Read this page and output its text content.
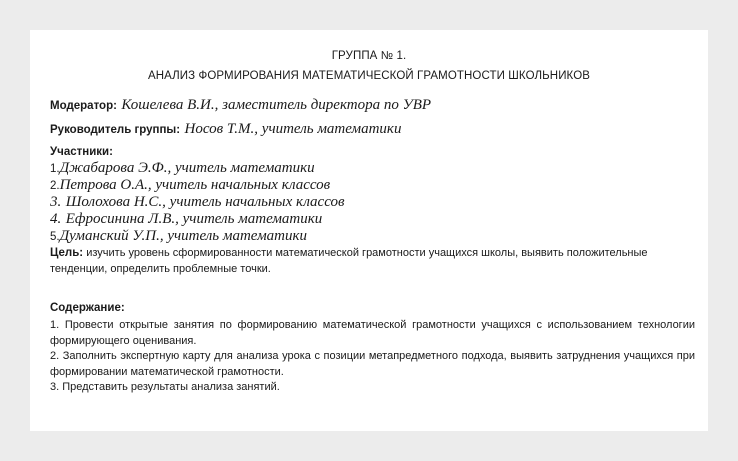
ГРУППА № 1.
АНАЛИЗ ФОРМИРОВАНИЯ МАТЕМАТИЧЕСКОЙ ГРАМОТНОСТИ ШКОЛЬНИКОВ
Модератор: Кошелева В.И., заместитель директора по УВР
Руководитель группы: Носов Т.М., учитель математики
Участники:
1.Джабарова Э.Ф., учитель математики
2.Петрова О.А., учитель начальных классов
3. Шолохова Н.С., учитель начальных классов
4. Ефросинина Л.В., учитель математики
5.Думанский У.П., учитель математики
Цель: изучить уровень сформированности математической грамотности учащихся школы, выявить положительные тенденции, определить проблемные точки.
Содержание:
1. Провести открытые занятия по формированию математической грамотности учащихся с использованием технологии формирующего оценивания.
2. Заполнить экспертную карту для анализа урока с позиции метапредметного подхода, выявить затруднения учащихся при формировании математической грамотности.
3. Представить результаты анализа занятий.
